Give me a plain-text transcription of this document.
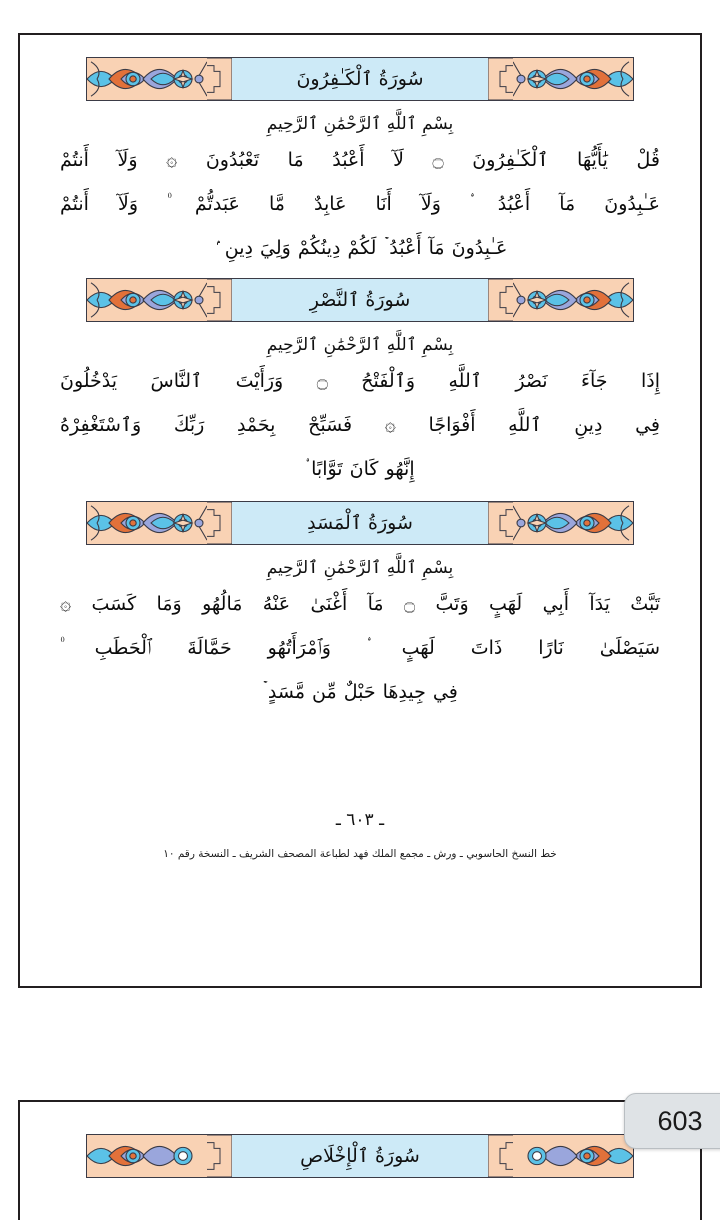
سُورَةُ ٱلْكَـٰفِرُونَ
بِسْمِ ٱللَّهِ ٱلرَّحْمَٰنِ ٱلرَّحِيمِ
قُلْ يَٰأَيُّهَا ٱلْكَـٰفِرُونَ ۝ لَآ أَعْبُدُ مَا تَعْبُدُونَ ۞ وَلَآ أَنتُمْ
عَـٰبِدُونَ مَآ أَعْبُدُ ۟ وَلَآ أَنَا عَابِدٌ مَّا عَبَدتُّمْ ۠ وَلَآ أَنتُمْ
عَـٰبِدُونَ مَآ أَعْبُدُ ۡ لَكُمْ دِينُكُمْ وَلِيَ دِينِ ۢ
سُورَةُ ٱلنَّصْرِ
بِسْمِ ٱللَّهِ ٱلرَّحْمَٰنِ ٱلرَّحِيمِ
إِذَا جَآءَ نَصْرُ ٱللَّهِ وَٱلْفَتْحُ ۝ وَرَأَيْتَ ٱلنَّاسَ يَدْخُلُونَ
فِي دِينِ ٱللَّهِ أَفْوَاجًا ۞ فَسَبِّحْ بِحَمْدِ رَبِّكَ وَٱسْتَغْفِرْهُ
إِنَّهُو كَانَ تَوَّابًا ۟
سُورَةُ ٱلْمَسَدِ
بِسْمِ ٱللَّهِ ٱلرَّحْمَٰنِ ٱلرَّحِيمِ
تَبَّتْ يَدَآ أَبِي لَهَبٍ وَتَبَّ ۝ مَآ أَغْنَىٰ عَنْهُ مَالُهُو وَمَا كَسَبَ ۞
سَيَصْلَىٰ نَارًا ذَاتَ لَهَبٍ ۟ وَٱمْرَأَتُهُو حَمَّالَةَ ٱلْحَطَبِ ۠
فِي جِيدِهَا حَبْلٌ مِّن مَّسَدٍ ۡ
ـ ٦٠٣ ـ
خط النسخ الحاسوبي ـ ورش ـ مجمع الملك فهد لطباعة المصحف الشريف ـ النسخة رقم ١٠
سُورَةُ ٱلْإِخْلَاصِ
603
